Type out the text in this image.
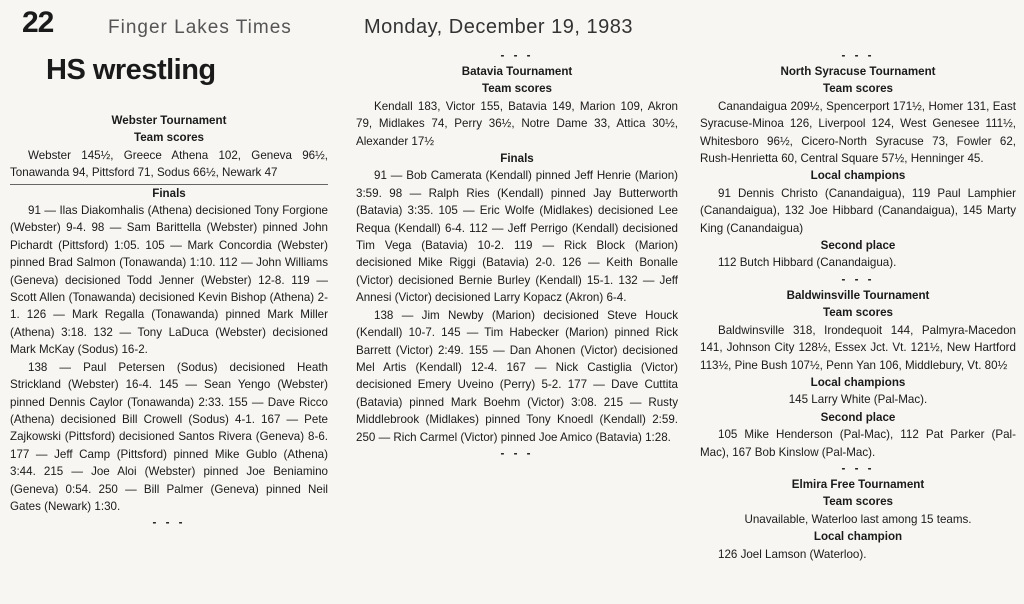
22	Finger Lakes Times	Monday, December 19, 1983
HS wrestling
Webster Tournament
Team scores

Webster 145½, Greece Athena 102, Geneva 96½, Tonawanda 94, Pittsford 71, Sodus 66½, Newark 47

Finals

91 — Ilas Diakomhalis (Athena) decisioned Tony Forgione (Webster) 9-4. 98 — Sam Barittella (Webster) pinned John Pichardt (Pittsford) 1:05. 105 — Mark Concordia (Webster) pinned Brad Salmon (Tonawanda) 1:10. 112 — John Williams (Geneva) decisioned Todd Jenner (Webster) 12-8. 119 — Scott Allen (Tonawanda) decisioned Kevin Bishop (Athena) 2-1. 126 — Mark Regalla (Tonawanda) pinned Mark Miller (Athena) 3:18. 132 — Tony LaDuca (Webster) decisioned Mark McKay (Sodus) 16-2.

138 — Paul Petersen (Sodus) decisioned Heath Strickland (Webster) 16-4. 145 — Sean Yengo (Webster) pinned Dennis Caylor (Tonawanda) 2:33. 155 — Dave Ricco (Athena) decisioned Bill Crowell (Sodus) 4-1. 167 — Pete Zajkowski (Pittsford) decisioned Santos Rivera (Geneva) 8-6. 177 — Jeff Camp (Pittsford) pinned Mike Gublo (Athena) 3:44. 215 — Joe Aloi (Webster) pinned Joe Beniamino (Geneva) 0:54. 250 — Bill Palmer (Geneva) pinned Neil Gates (Newark) 1:30.

- - -
- - -
Batavia Tournament
Team scores

Kendall 183, Victor 155, Batavia 149, Marion 109, Akron 79, Midlakes 74, Perry 36½, Notre Dame 33, Attica 30½, Alexander 17½

Finals

91 — Bob Camerata (Kendall) pinned Jeff Henrie (Marion) 3:59. 98 — Ralph Ries (Kendall) pinned Jay Butterworth (Batavia) 3:35. 105 — Eric Wolfe (Midlakes) decisioned Lee Requa (Kendall) 6-4. 112 — Jeff Perrigo (Kendall) decisioned Tim Vega (Batavia) 10-2. 119 — Rick Block (Marion) decisioned Mike Riggi (Batavia) 2-0. 126 — Keith Bonalle (Victor) decisioned Bernie Burley (Kendall) 15-1. 132 — Jeff Annesi (Victor) decisioned Larry Kopacz (Akron) 6-4.

138 — Jim Newby (Marion) decisioned Steve Houck (Kendall) 10-7. 145 — Tim Habecker (Marion) pinned Rick Barrett (Victor) 2:49. 155 — Dan Ahonen (Victor) decisioned Mel Artis (Kendall) 12-4. 167 — Nick Castiglia (Victor) decisioned Emery Uveino (Perry) 5-2. 177 — Dave Cuttita (Batavia) pinned Mark Boehm (Victor) 3:08. 215 — Rusty Middlebrook (Midlakes) pinned Tony Knoedl (Kendall) 2:59. 250 — Rich Carmel (Victor) pinned Joe Amico (Batavia) 1:28.

- - -
- - -
North Syracuse Tournament
Team scores

Canandaigua 209½, Spencerport 171½, Homer 131, East Syracuse-Minoa 126, Liverpool 124, West Genesee 111½, Whitesboro 96½, Cicero-North Syracuse 73, Fowler 62, Rush-Henrietta 60, Central Square 57½, Henninger 45.

Local champions

91 Dennis Christo (Canandaigua), 119 Paul Lamphier (Canandaigua), 132 Joe Hibbard (Canandaigua), 145 Marty King (Canandaigua)

Second place

112 Butch Hibbard (Canandaigua).

- - -
Baldwinsville Tournament
Team scores

Baldwinsville 318, Irondequoit 144, Palmyra-Macedon 141, Johnson City 128½, Essex Jct. Vt. 121½, New Hartford 113½, Pine Bush 107½, Penn Yan 106, Middlebury, Vt. 80½

Local champions

145 Larry White (Pal-Mac).

Second place

105 Mike Henderson (Pal-Mac), 112 Pat Parker (Pal-Mac), 167 Bob Kinslow (Pal-Mac).

- - -
Elmira Free Tournament
Team scores

Unavailable, Waterloo last among 15 teams.

Local champion

126 Joel Lamson (Waterloo).
